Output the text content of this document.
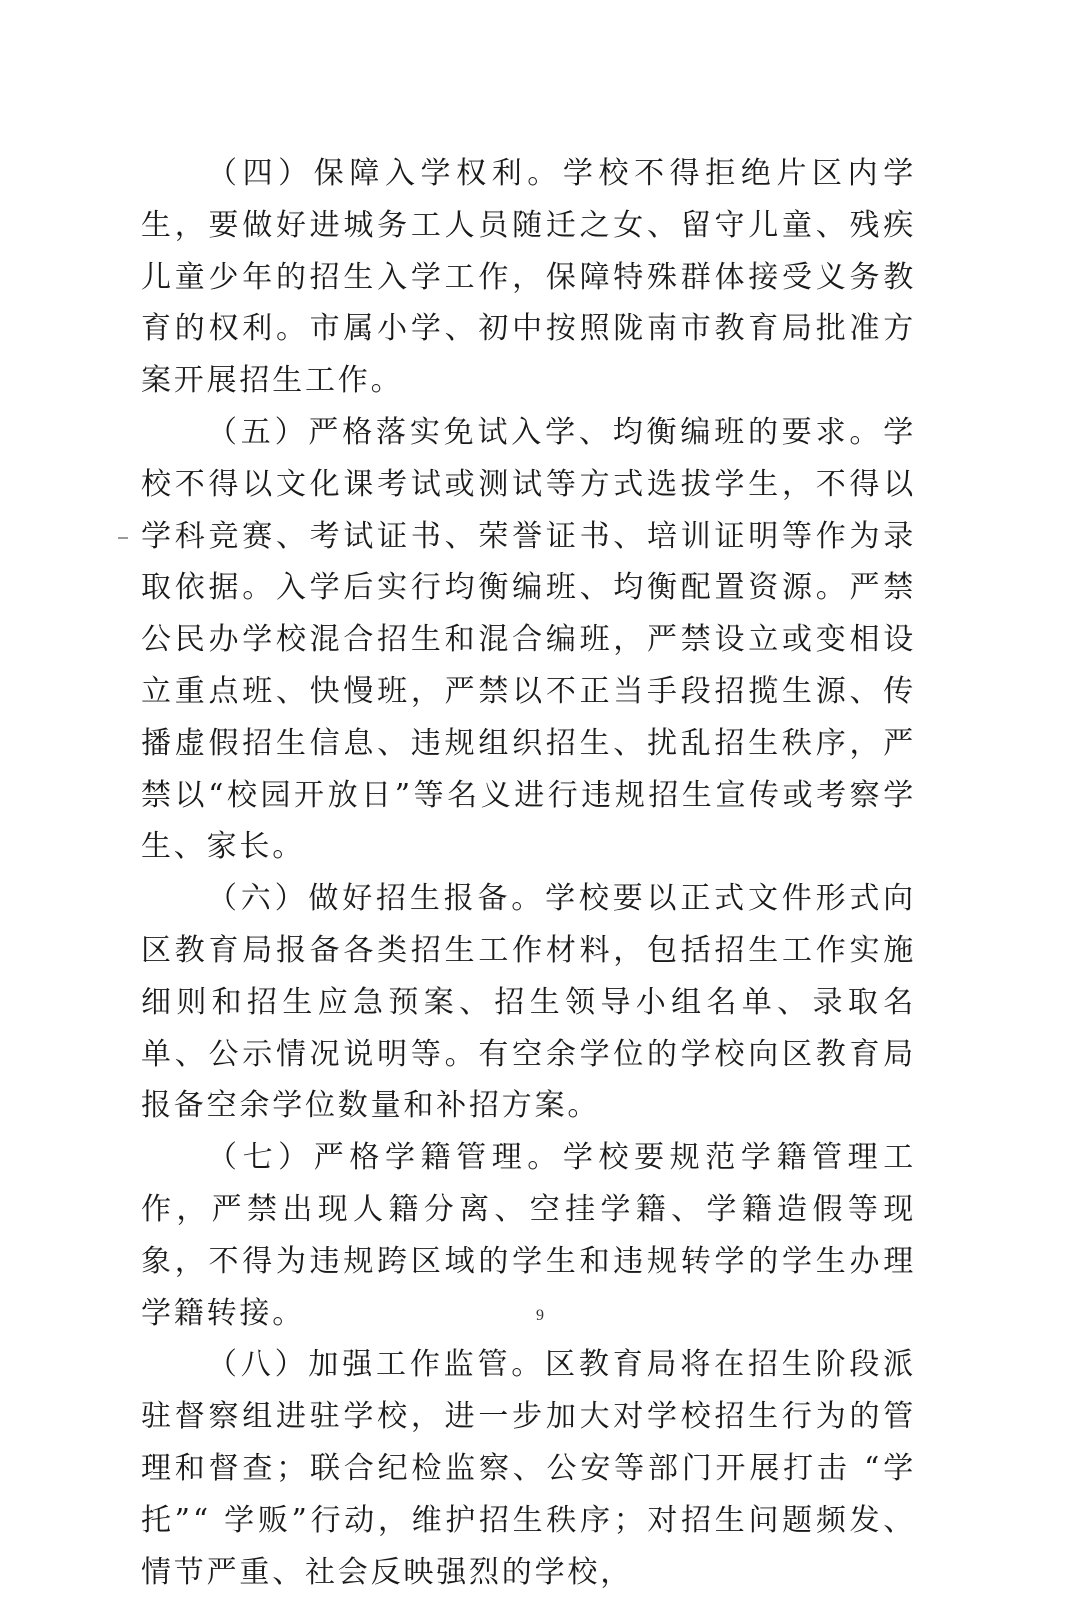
（四）保障入学权利。学校不得拒绝片区内学生，要做好进城务工人员随迁之女、留守儿童、残疾儿童少年的招生入学工作，保障特殊群体接受义务教育的权利。市属小学、初中按照陇南市教育局批准方案开展招生工作。

（五）严格落实免试入学、均衡编班的要求。学校不得以文化课考试或测试等方式选拔学生，不得以学科竞赛、考试证书、荣誉证书、培训证明等作为录取依据。入学后实行均衡编班、均衡配置资源。严禁公民办学校混合招生和混合编班，严禁设立或变相设立重点班、快慢班，严禁以不正当手段招揽生源、传播虚假招生信息、违规组织招生、扰乱招生秩序，严禁以“校园开放日”等名义进行违规招生宣传或考察学生、家长。

（六）做好招生报备。学校要以正式文件形式向区教育局报备各类招生工作材料，包括招生工作实施细则和招生应急预案、招生领导小组名单、录取名单、公示情况说明等。有空余学位的学校向区教育局报备空余学位数量和补招方案。

（七）严格学籍管理。学校要规范学籍管理工作，严禁出现人籍分离、空挂学籍、学籍造假等现象，不得为违规跨区域的学生和违规转学的学生办理学籍转接。

（八）加强工作监管。区教育局将在招生阶段派驻督察组进驻学校，进一步加大对学校招生行为的管理和督查；联合纪检监察、公安等部门开展打击 “学托”“ 学贩”行动，维护招生秩序；对招生问题频发、情节严重、社会反映强烈的学校，

9
